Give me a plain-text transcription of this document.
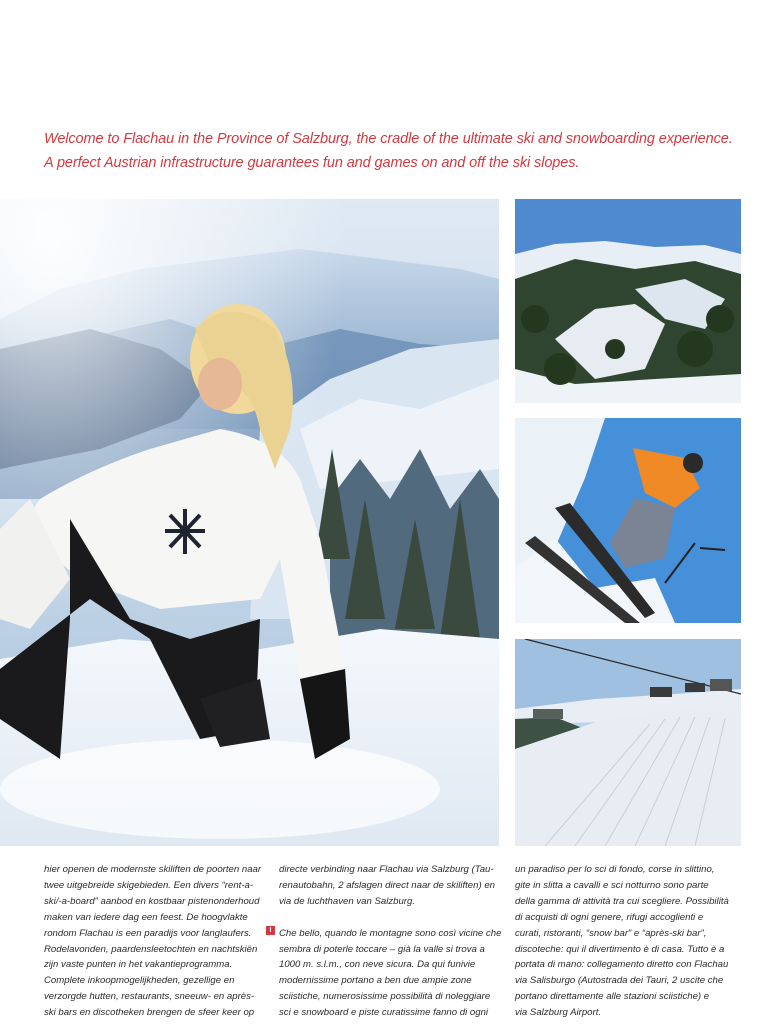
Welcome to Flachau in the Province of Salzburg, the cradle of the ultimate ski and snowboarding experience.

A perfect Austrian infrastructure guarantees fun and games on and off the ski slopes.

hier openen de modernste skiliften de poorten naar

twee uitgebreide skigebieden. Een divers “rent-a-

ski/-a-board” aanbod en kostbaar pistenonderhoud

maken van iedere dag een feest. De hoogvlakte

rondom Flachau is een paradijs voor langlaufers.

Rodelavonden, paardensleetochten en nachtskiën

zijn vaste punten in het vakantieprogramma.

Complete inkoopmogelijkheden, gezellige en

verzorgde hutten, restaurants, sneeuw- en après-

ski bars en discotheken brengen de sfeer keer op

directe verbinding naar Flachau via Salzburg (Tau-

renautobahn, 2 afslagen direct naar de skiliften) en

via de luchthaven van Salzburg.

I Che bello, quando le montagne sono così vicine che

sembra di poterle toccare – già la valle si trova a

1000 m. s.l.m., con neve sicura. Da qui funivie

modernissime portano a ben due ampie zone

sciistiche, numerosissime possibilità di noleggiare

sci e snowboard e piste curatissime fanno di ogni

un paradiso per lo sci di fondo, corse in slittino,

gite in slitta a cavalli e sci notturno sono parte

della gamma di attività tra cui scegliere. Possibilità

di acquisti di ogni genere, rifugi accoglienti e

curati, ristoranti, “snow bar” e “après-ski bar”,

discoteche: qui il divertimento è di casa. Tutto è a

portata di mano: collegamento diretto con Flachau

via Salisburgo (Autostrada dei Tauri, 2 uscite che

portano direttamente alle stazioni sciistiche) e

via Salzburg Airport.
